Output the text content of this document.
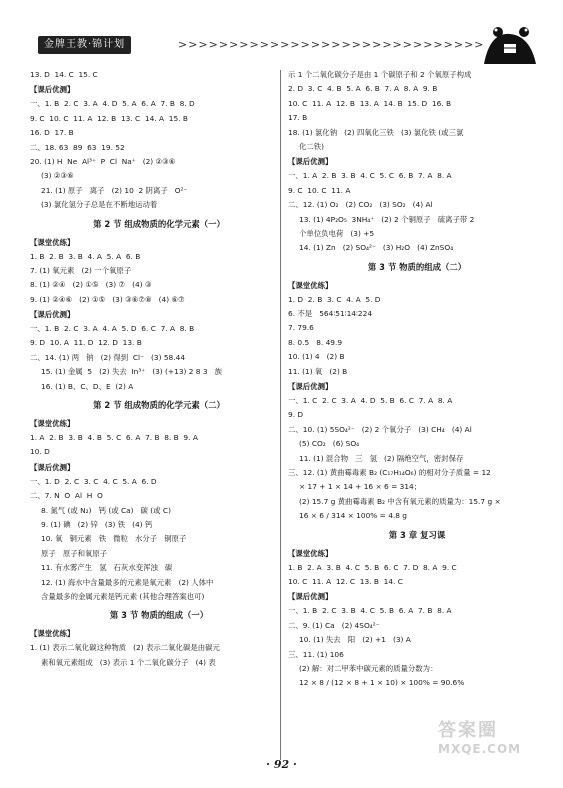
金牌王教·锦计划	>>>>>>>>>>>>>>>>>>>>>>>>>>>>>>
13. D  14. C  15. C
【课后优测】
一、1. B  2. C  3. A  4. D  5. A  6. A  7. B  8. D
9. C  10. C  11. A  12. B  13. C  14. A  15. B
16. D  17. B
二、18. 63  89  63  19. 52
20. (1) H  Ne  Al³⁺  P  Cl  Na⁺   (2) ②③⑥
(3) ②③⑥
21. (1) 原子   离子   (2) 10  2 阴离子   O²⁻
(3) 氯化氢分子总是在不断地运动着
第 2 节 组成物质的化学元素（一）
【课堂优练】
1. B  2. B  3. B  4. A  5. A  6. B
7. (1) 氧元素   (2) 一个氧原子
8. (1) ②④   (2) ①⑤   (3) ⑦   (4) ③
9. (1) ②④⑥   (2) ①⑤   (3) ③⑥⑦⑧   (4) ⑥⑦
【课后优测】
一、1. B  2. C  3. A  4. A  5. D  6. C  7. A  8. B
9. D  10. A  11. D  12. D  13. B
二、14. (1) 两   钠   (2) 得到  Cl⁻   (3) 58.44
15. (1) 金属  5   (2) 失去  In³⁺   (3) (+13) 2 8 3   族
16. (1) B、C、D、E  (2) A
第 2 节 组成物质的化学元素（二）
【课堂优练】
1. A  2. B  3. B  4. B  5. C  6. A  7. B  8. B  9. A
10. D
【课后优测】
一、1. D  2. C  3. C  4. C  5. A  6. D
二、7. N  O  Al  H  O
8. 氮气 (或 N₂)   钙 (或 Ca)   碳 (或 C)
9. (1) 碘   (2) 锌   (3) 铁   (4) 钙
10. 氧   铜元素   铁   微粒   水分子   铜原子
原子   原子和氧原子
11. 有水雾产生   氢   石灰水变浑浊   碳
12. (1) 海水中含量最多的元素是氧元素   (2) 人体中
含量最多的金属元素是钙元素 (其他合理答案也可)
第 3 节 物质的组成（一）
【课堂优练】
1. (1) 表示二氧化碳这种物质   (2) 表示二氧化碳是由碳元
素和氧元素组成   (3) 表示 1 个二氧化碳分子   (4) 表
示 1 个二氧化碳分子是由 1 个碳原子和 2 个氧原子构成
2. D  3. C  4. B  5. A  6. B  7. A  8. A  9. B
10. C  11. A  12. B  13. A  14. B  15. D  16. B
17. B
18. (1) 氯化钠   (2) 四氧化三铁   (3) 氯化铁 (或三氯
化二铁)
【课后优测】
一、1. A  2. B  3. B  4. C  5. C  6. B  7. A  8. A
9. C  10. C  11. A
二、12. (1) O₂   (2) CO₂   (3) SO₂   (4) Al
13. (1) 4P₂O₅  3NH₄⁺   (2) 2 个铜原子   硫离子带 2
个单位负电荷   (3) +5
14. (1) Zn   (2) SO₄²⁻   (3) H₂O   (4) ZnSO₄
第 3 节 物质的组成（二）
【课堂优练】
1. D  2. B  3. C  4. A  5. D
6. 不是   564∶51∶14∶224
7. 79.6
8. 0.5   8. 49.9
10. (1) 4   (2) B
11. (1) 氧   (2) B
【课后优测】
一、1. C  2. C  3. A  4. D  5. B  6. C  7. A  8. A
9. D
二、10. (1) 5SO₄²⁻   (2) 2 个氧分子   (3) CH₄   (4) Al
(5) CO₂   (6) SO₄
11. (1) 混合物   三   氢   (2) 隔绝空气，密封保存
三、12. (1) 黄曲霉毒素 B₂ (C₁₇H₁₄O₆) 的相对分子质量 = 12
× 17 + 1 × 14 + 16 × 6 = 314；
(2) 15.7 g 黄曲霉毒素 B₂ 中含有氧元素的质量为：15.7 g ×
16 × 6 / 314 × 100% = 4.8 g
第 3 章 复习课
【课堂优练】
1. B  2. A  3. B  4. C  5. B  6. C  7. D  8. A  9. C
10. C  11. A  12. C  13. B  14. C
【课后优测】
一、1. B  2. C  3. B  4. C  5. B  6. A  7. B  8. A
二、9. (1) Ca   (2) 4SO₄²⁻
10. (1) 失去   阳   (2) +1   (3) A
三、11. (1) 106
(2) 解：对二甲苯中碳元素的质量分数为：
12 × 8 / (12 × 8 + 1 × 10) × 100% = 90.6%
· 92 ·
答案圈
MXQE.COM
